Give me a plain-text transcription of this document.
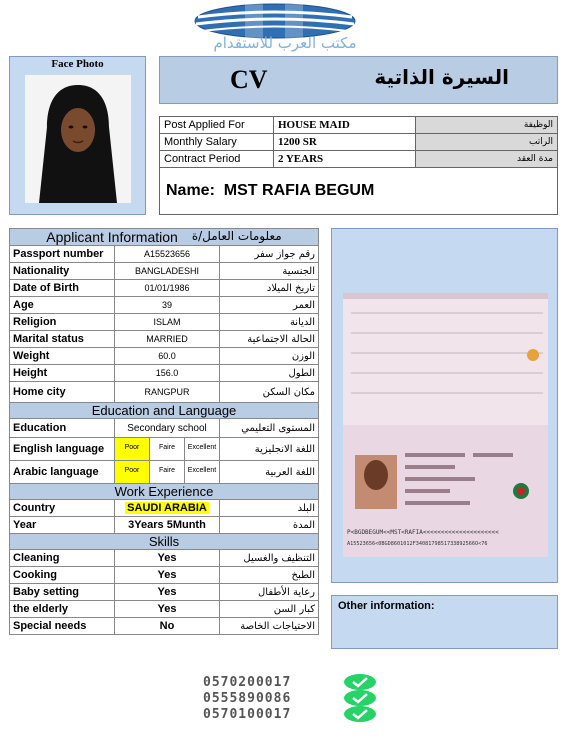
مكتب العرب للاستقدام
Face Photo
CV	السيرة الذاتية
Post Applied For	HOUSE MAID	الوظيفة
Monthly Salary	1200 SR	الراتب
Contract Period	2 YEARS	مدة العقد
Name: MST RAFIA BEGUM
Applicant Information معلومات العامل/ة		

Passport number	A15523656	رقم جواز سفر
Nationality	BANGLADESHI	الجنسية
Date of Birth	01/01/1986	تاريخ الميلاد
Age	39	العمر
Religion	ISLAM	الديانة
Marital status	MARRIED	الحالة الاجتماعية
Weight	60.0	الوزن
Height	156.0	الطول
Home city	RANGPUR	مكان السكن
Education and Language		
Education	Secondary school	المستوى التعليمي
English language	Poor Faire Excellent	اللغة الانجليزية
Arabic language	Poor Faire Excellent	اللغة العربية
Work Experience		
Country	SAUDI ARABIA	البلد
Year	3Years 5Munth	المدة
Skills		
Cleaning	Yes	التنظيف والغسيل
Cooking	Yes	الطبخ
Baby setting	Yes	رعاية الأطفال
the elderly	Yes	كبار السن
Special needs	No	الاحتياجات الخاصة
P<BGDBEGUM<<MST<RAFIA<<<<<<<<<<<<<<<<<<<<<
A15523656<0BGD8601012F3408179851733892566O<76
Other information:
0570200017
0555890086
0570100017
